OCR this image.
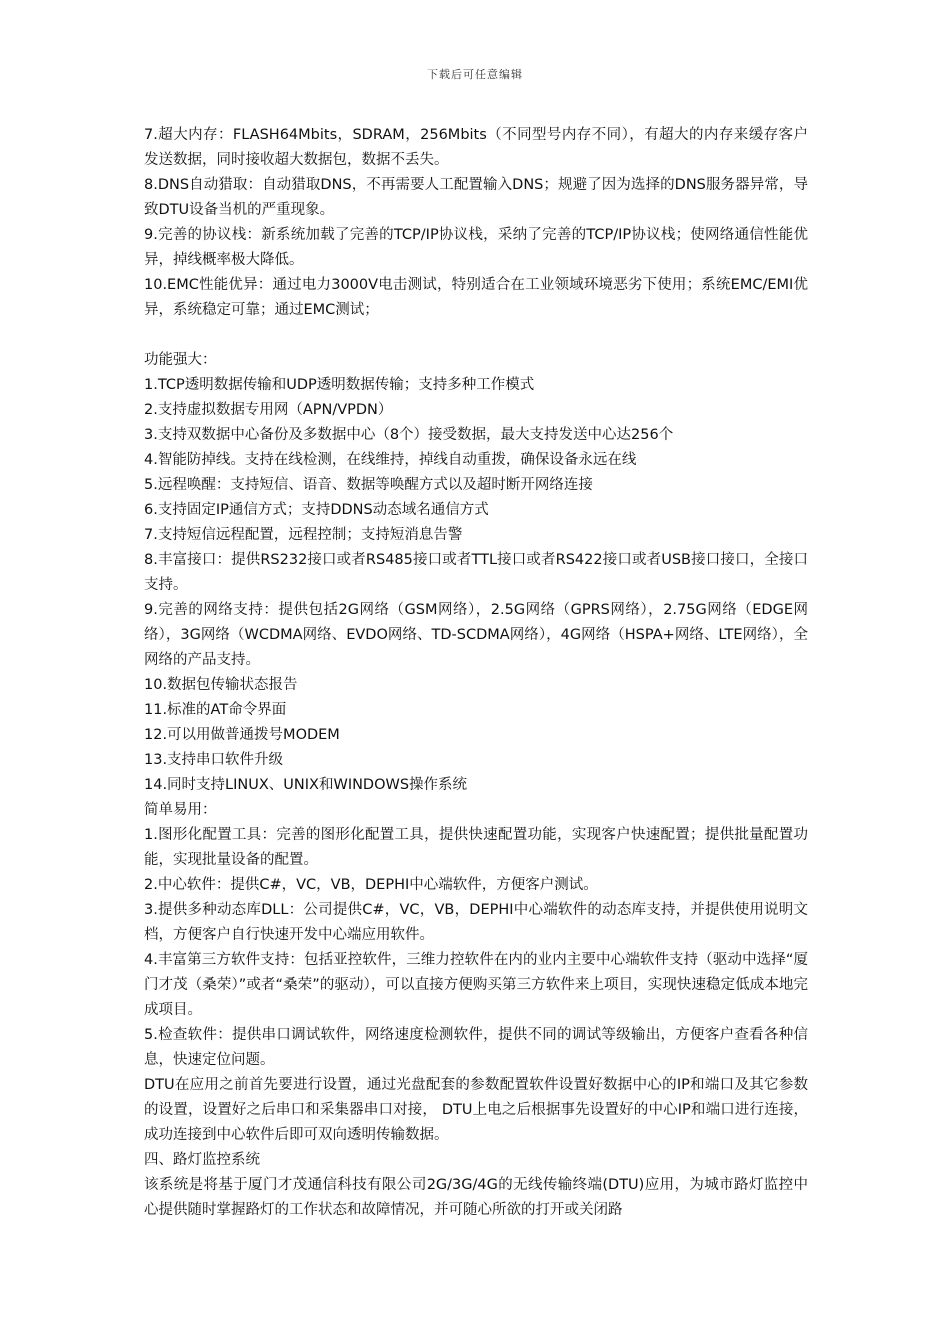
下载后可任意编辑

7.超大内存：FLASH64Mbits，SDRAM，256Mbits（不同型号内存不同），有超大的内存来缓存客户发送数据，同时接收超大数据包，数据不丢失。

8.DNS自动猎取：自动猎取DNS，不再需要人工配置输入DNS；规避了因为选择的DNS服务器异常，导致DTU设备当机的严重现象。

9.完善的协议栈：新系统加载了完善的TCP/IP协议栈，采纳了完善的TCP/IP协议栈；使网络通信性能优异，掉线概率极大降低。

10.EMC性能优异：通过电力3000V电击测试，特别适合在工业领域环境恶劣下使用；系统EMC/EMI优异，系统稳定可靠；通过EMC测试；

功能强大：

1.TCP透明数据传输和UDP透明数据传输；支持多种工作模式

2.支持虚拟数据专用网（APN/VPDN）

3.支持双数据中心备份及多数据中心（8个）接受数据，最大支持发送中心达256个

4.智能防掉线。支持在线检测，在线维持，掉线自动重拨，确保设备永远在线

5.远程唤醒：支持短信、语音、数据等唤醒方式以及超时断开网络连接

6.支持固定IP通信方式；支持DDNS动态域名通信方式

7.支持短信远程配置，远程控制；支持短消息告警

8.丰富接口：提供RS232接口或者RS485接口或者TTL接口或者RS422接口或者USB接口接口，全接口支持。

9.完善的网络支持：提供包括2G网络（GSM网络），2.5G网络（GPRS网络），2.75G网络（EDGE网络），3G网络（WCDMA网络、EVDO网络、TD-SCDMA网络），4G网络（HSPA+网络、LTE网络），全网络的产品支持。

10.数据包传输状态报告

11.标准的AT命令界面

12.可以用做普通拨号MODEM

13.支持串口软件升级

14.同时支持LINUX、UNIX和WINDOWS操作系统

简单易用：

1.图形化配置工具：完善的图形化配置工具，提供快速配置功能，实现客户快速配置；提供批量配置功能，实现批量设备的配置。

2.中心软件：提供C#，VC，VB，DEPHI中心端软件，方便客户测试。

3.提供多种动态库DLL：公司提供C#，VC，VB，DEPHI中心端软件的动态库支持，并提供使用说明文档，方便客户自行快速开发中心端应用软件。

4.丰富第三方软件支持：包括亚控软件，三维力控软件在内的业内主要中心端软件支持（驱动中选择“厦门才茂（桑荣）”或者“桑荣”的驱动），可以直接方便购买第三方软件来上项目，实现快速稳定低成本地完成项目。

5.检查软件：提供串口调试软件，网络速度检测软件，提供不同的调试等级输出，方便客户查看各种信息，快速定位问题。

DTU在应用之前首先要进行设置，通过光盘配套的参数配置软件设置好数据中心的IP和端口及其它参数的设置，设置好之后串口和采集器串口对接， DTU上电之后根据事先设置好的中心IP和端口进行连接，成功连接到中心软件后即可双向透明传输数据。

四、路灯监控系统

该系统是将基于厦门才茂通信科技有限公司2G/3G/4G的无线传输终端(DTU)应用，为城市路灯监控中心提供随时掌握路灯的工作状态和故障情况，并可随心所欲的打开或关闭路
